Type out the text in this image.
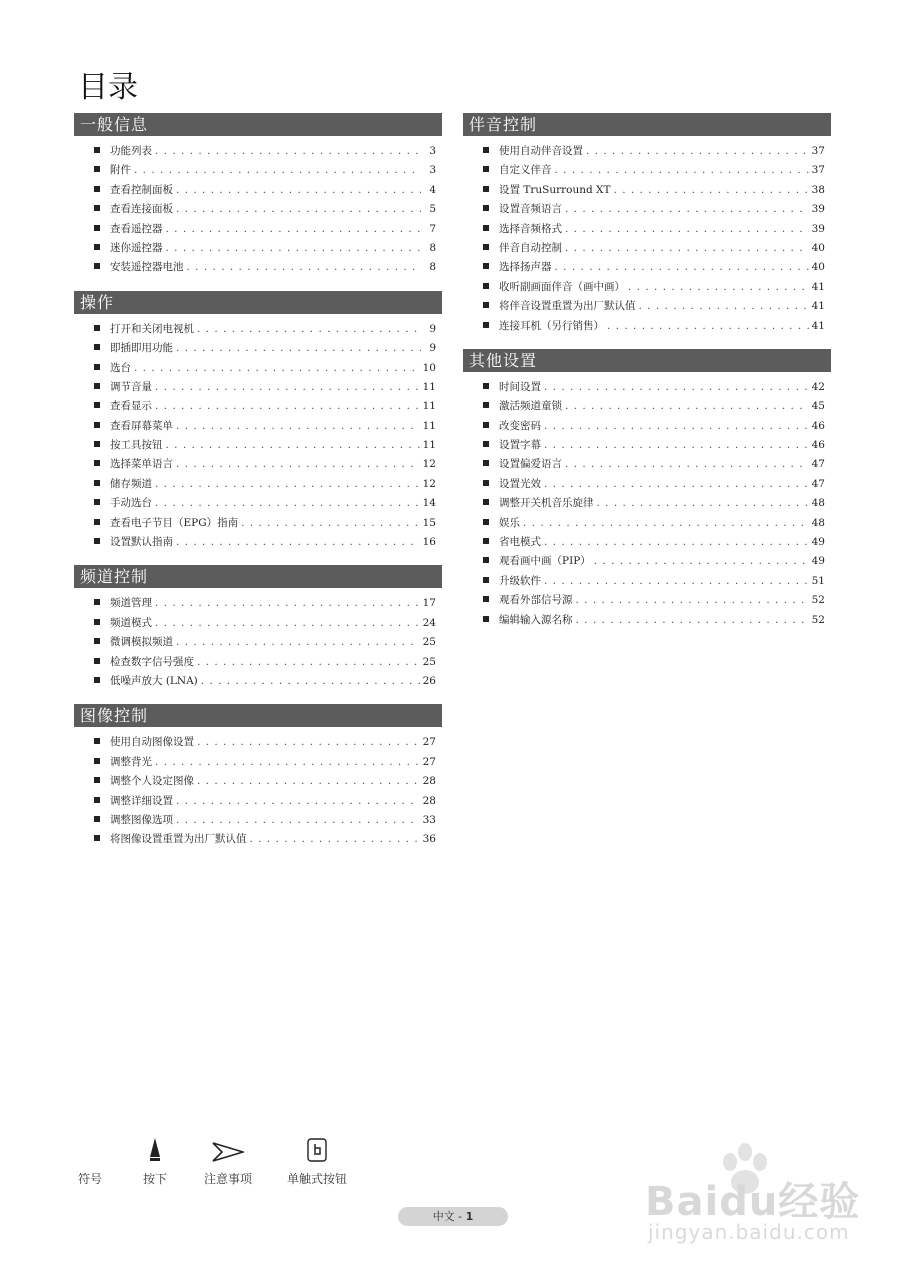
目录
一般信息
功能列表 . . .	3
附件 . . .	3
查看控制面板 . . .	4
查看连接面板 . . .	5
查看遥控器 . . .	7
迷你遥控器 . . .	8
安装遥控器电池 . . .	8
操作
打开和关闭电视机 . . .	9
即插即用功能 . . .	9
选台 . . .	10
调节音量 . . .	11
查看显示 . . .	11
查看屏幕菜单 . . .	11
按工具按钮 . . .	11
选择菜单语言 . . .	12
储存频道 . . .	12
手动选台 . . .	14
查看电子节目（EPG）指南 . . .	15
设置默认指南 . . .	16
频道控制
频道管理 . . .	17
频道模式 . . .	24
微调模拟频道 . . .	25
检查数字信号强度 . . .	25
低噪声放大 (LNA) . . .	26
图像控制
使用自动图像设置 . . .	27
调整背光 . . .	27
调整个人设定图像 . . .	28
调整详细设置 . . .	28
调整图像选项 . . .	33
将图像设置重置为出厂默认值 . . .	36
伴音控制
使用自动伴音设置 . . .	37
自定义伴音 . . .	37
设置 TruSurround XT . . .	38
设置音频语言 . . .	39
选择音频格式 . . .	39
伴音自动控制 . . .	40
选择扬声器 . . .	40
收听副画面伴音（画中画） . . .	41
将伴音设置重置为出厂默认值 . . .	41
连接耳机（另行销售） . . .	41
其他设置
时间设置 . . .	42
激活频道童锁 . . .	45
改变密码 . . .	46
设置字幕 . . .	46
设置偏爱语言 . . .	47
设置光效 . . .	47
调整开关机音乐旋律 . . .	48
娱乐 . . .	48
省电模式 . . .	49
观看画中画（PIP） . . .	49
升级软件 . . .	51
观看外部信号源 . . .	52
编辑输入源名称 . . .	52
符号	按下	注意事项	单触式按钮
中文 - 1	Baidu经验
jingyan.baidu.com
